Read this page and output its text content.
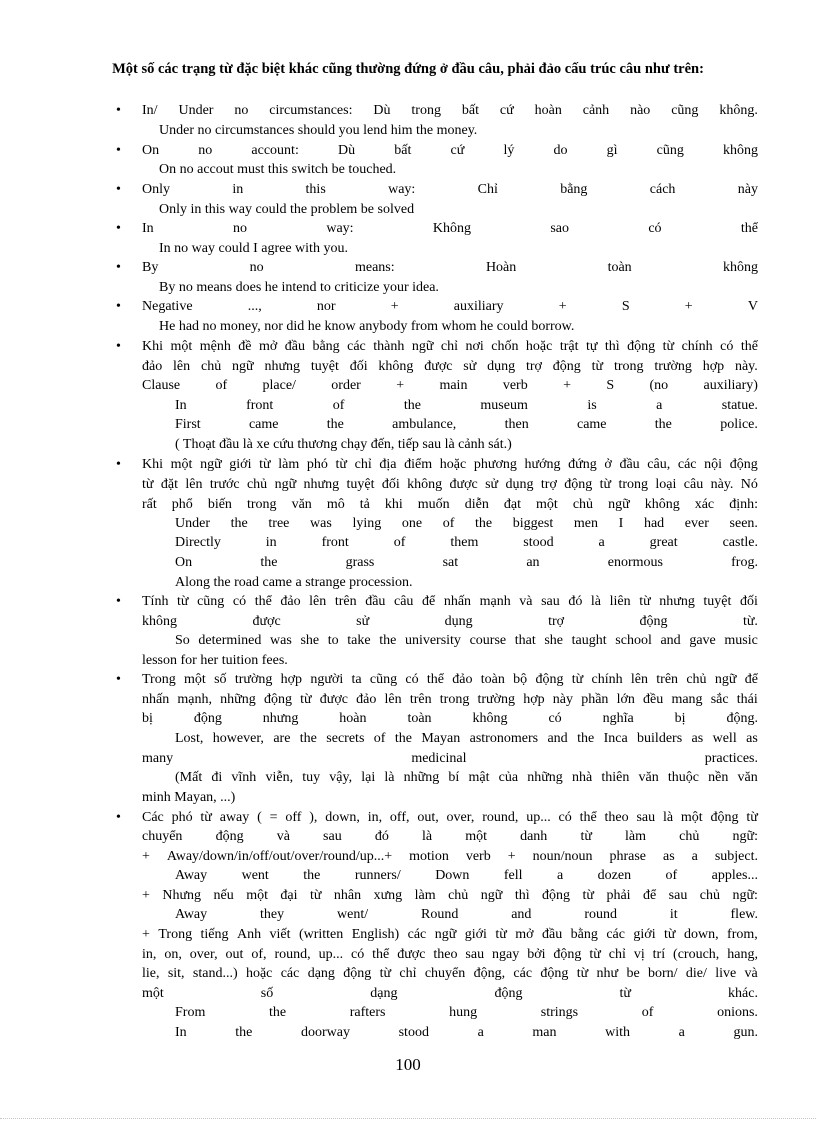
Một số các trạng từ đặc biệt khác cũng thường đứng ở đầu câu, phải đảo cấu trúc câu như trên:
In/ Under no circumstances: Dù trong bất cứ hoàn cảnh nào cũng không.
•
Under no circumstances should you lend him the money.
On	no	account:	Dù	bất	cứ	lý	do	gì	cũng	không
•
On no accout must this switch be touched.
Only	in	this	way:	Chỉ	bằng	cách	này
•
Only in this way could the problem be solved
In	no	way:	Không	sao	có	thể
•
In no way could I agree with you.
By	no	means:	Hoàn	toàn	không
•
By no means does he intend to criticize your idea.
Negative	...,	nor	+	auxiliary	+	S	+	V
•
He had no money, nor did he know anybody from whom he could borrow.
Khi một mệnh đề mở đầu bằng các thành ngữ chỉ nơi chốn hoặc trật tự thì động từ chính có thể
•
đảo lên chủ ngữ nhưng tuyệt đối không được sử dụng trợ động từ trong trường hợp này.
Clause	of	place/	order	+	main	verb	+	S	(no	auxiliary)
In	front	of	the	museum	is	a	statue.
First	came	the	ambulance,	then	came	the	police.
( Thoạt đầu là xe cứu thương chạy đến, tiếp sau là cảnh sát.)
Khi một ngữ giới từ làm phó từ chỉ địa điểm hoặc phương hướng đứng ở đầu câu, các nội động
•
từ đặt lên trước chủ ngữ nhưng tuyệt đối không được sử dụng trợ động từ trong loại câu này. Nó
rất phổ biến trong văn mô tả khi muốn diễn đạt một chủ ngữ không xác định:
Under the tree was lying one of the biggest men I had ever seen.
Directly	in	front	of	them	stood	a	great	castle.
On	the	grass	sat	an	enormous	frog.
Along the road came a strange procession.
Tính từ cũng có thể đảo lên trên đầu câu để nhấn mạnh và sau đó là liên từ nhưng tuyệt đối
•
không	được	sử	dụng	trợ	động	từ.
So determined was she to take the university course that she taught school and gave music
lesson for her tuition fees.
Trong một số trường hợp người ta cũng có thể đảo toàn bộ động từ chính lên trên chủ ngữ để
•
nhấn mạnh, những động từ được đảo lên trên trong trường hợp này phần lớn đều mang sắc thái
bị	động	nhưng	hoàn	toàn	không	có	nghĩa	bị	động.
Lost, however, are the secrets of the Mayan astronomers and the Inca builders as well as
many	medicinal	practices.
(Mất đi vĩnh viễn, tuy vậy, lại là những bí mật của những nhà thiên văn thuộc nền văn
minh Mayan, ...)
Các phó từ away ( = off ), down, in, off, out, over, round, up... có thể theo sau là một động từ
•
chuyển động và sau đó là một danh từ làm chủ ngữ:
+ Away/down/in/off/out/over/round/up...+ motion verb + noun/noun phrase as a subject.
Away went the runners/ Down fell a dozen of apples...
+ Nhưng nếu một đại từ nhân xưng làm chủ ngữ thì động từ phải để sau chủ ngữ:
Away	they	went/	Round	and	round	it	flew.
+ Trong tiếng Anh viết (written English) các ngữ giới từ mở đầu bằng các giới từ down, from,
in, on, over, out of, round, up... có thể được theo sau ngay bởi động từ chỉ vị trí (crouch, hang,
lie, sit, stand...) hoặc các dạng động từ chỉ chuyển động, các động từ như be born/ die/ live và
một	số	dạng	động	từ	khác.
From	the	rafters	hung	strings	of	onions.
In	the	doorway	stood	a	man	with	a	gun.
100
